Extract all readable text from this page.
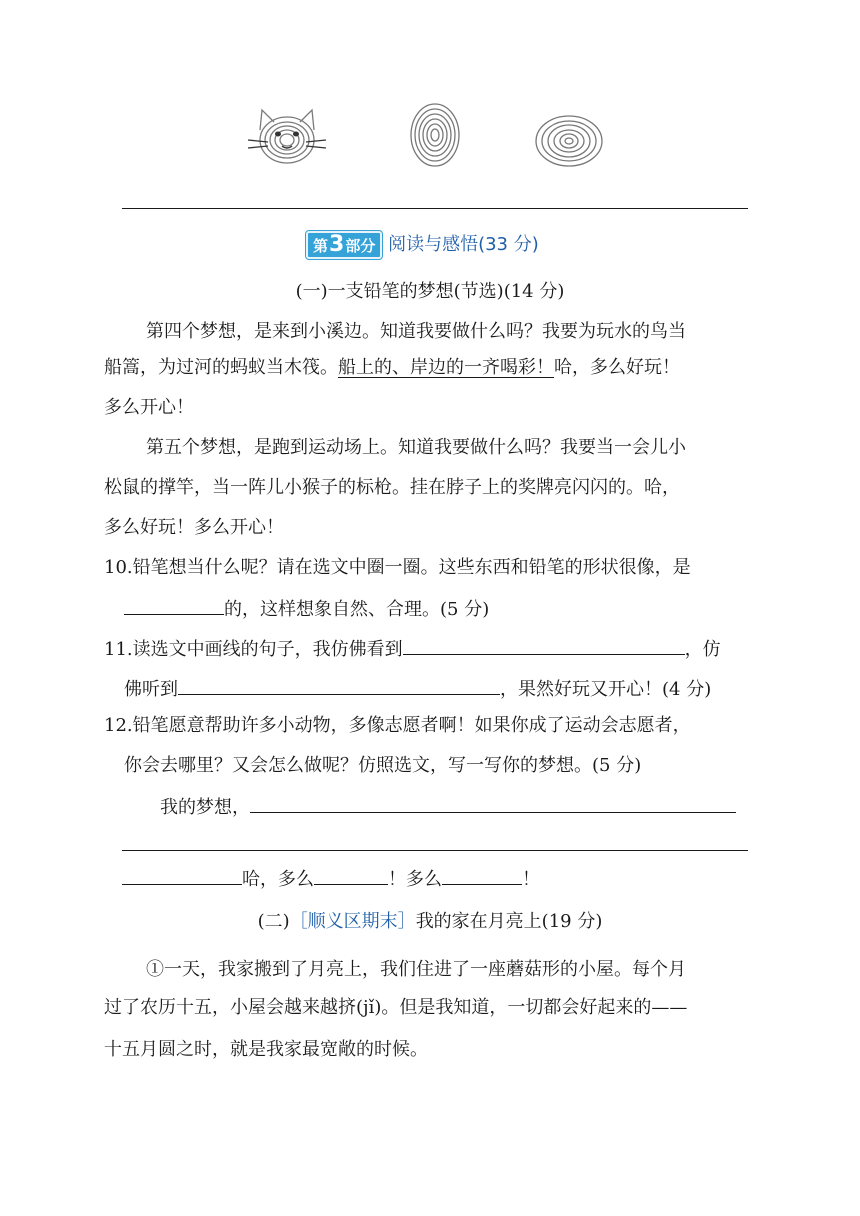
第3部分 阅读与感悟(33 分)
(一)一支铅笔的梦想(节选)(14 分)
第四个梦想，是来到小溪边。知道我要做什么吗？我要为玩水的鸟当
船篙，为过河的蚂蚁当木筏。船上的、岸边的一齐喝彩！哈，多么好玩！
多么开心！
第五个梦想，是跑到运动场上。知道我要做什么吗？我要当一会儿小
松鼠的撑竿，当一阵儿小猴子的标枪。挂在脖子上的奖牌亮闪闪的。哈，
多么好玩！多么开心！
10.铅笔想当什么呢？请在选文中圈一圈。这些东西和铅笔的形状很像，是
的，这样想象自然、合理。(5 分)
11.读选文中画线的句子，我仿佛看到	，仿
佛听到	，果然好玩又开心！(4 分)
12.铅笔愿意帮助许多小动物，多像志愿者啊！如果你成了运动会志愿者，
你会去哪里？又会怎么做呢？仿照选文，写一写你的梦想。(5 分)
我的梦想，
哈，多么	！多么	！
(二)［顺义区期末］我的家在月亮上(19 分)
①一天，我家搬到了月亮上，我们住进了一座蘑菇形的小屋。每个月
过了农历十五，小屋会越来越挤(jǐ)。但是我知道，一切都会好起来的——
十五月圆之时，就是我家最宽敞的时候。
